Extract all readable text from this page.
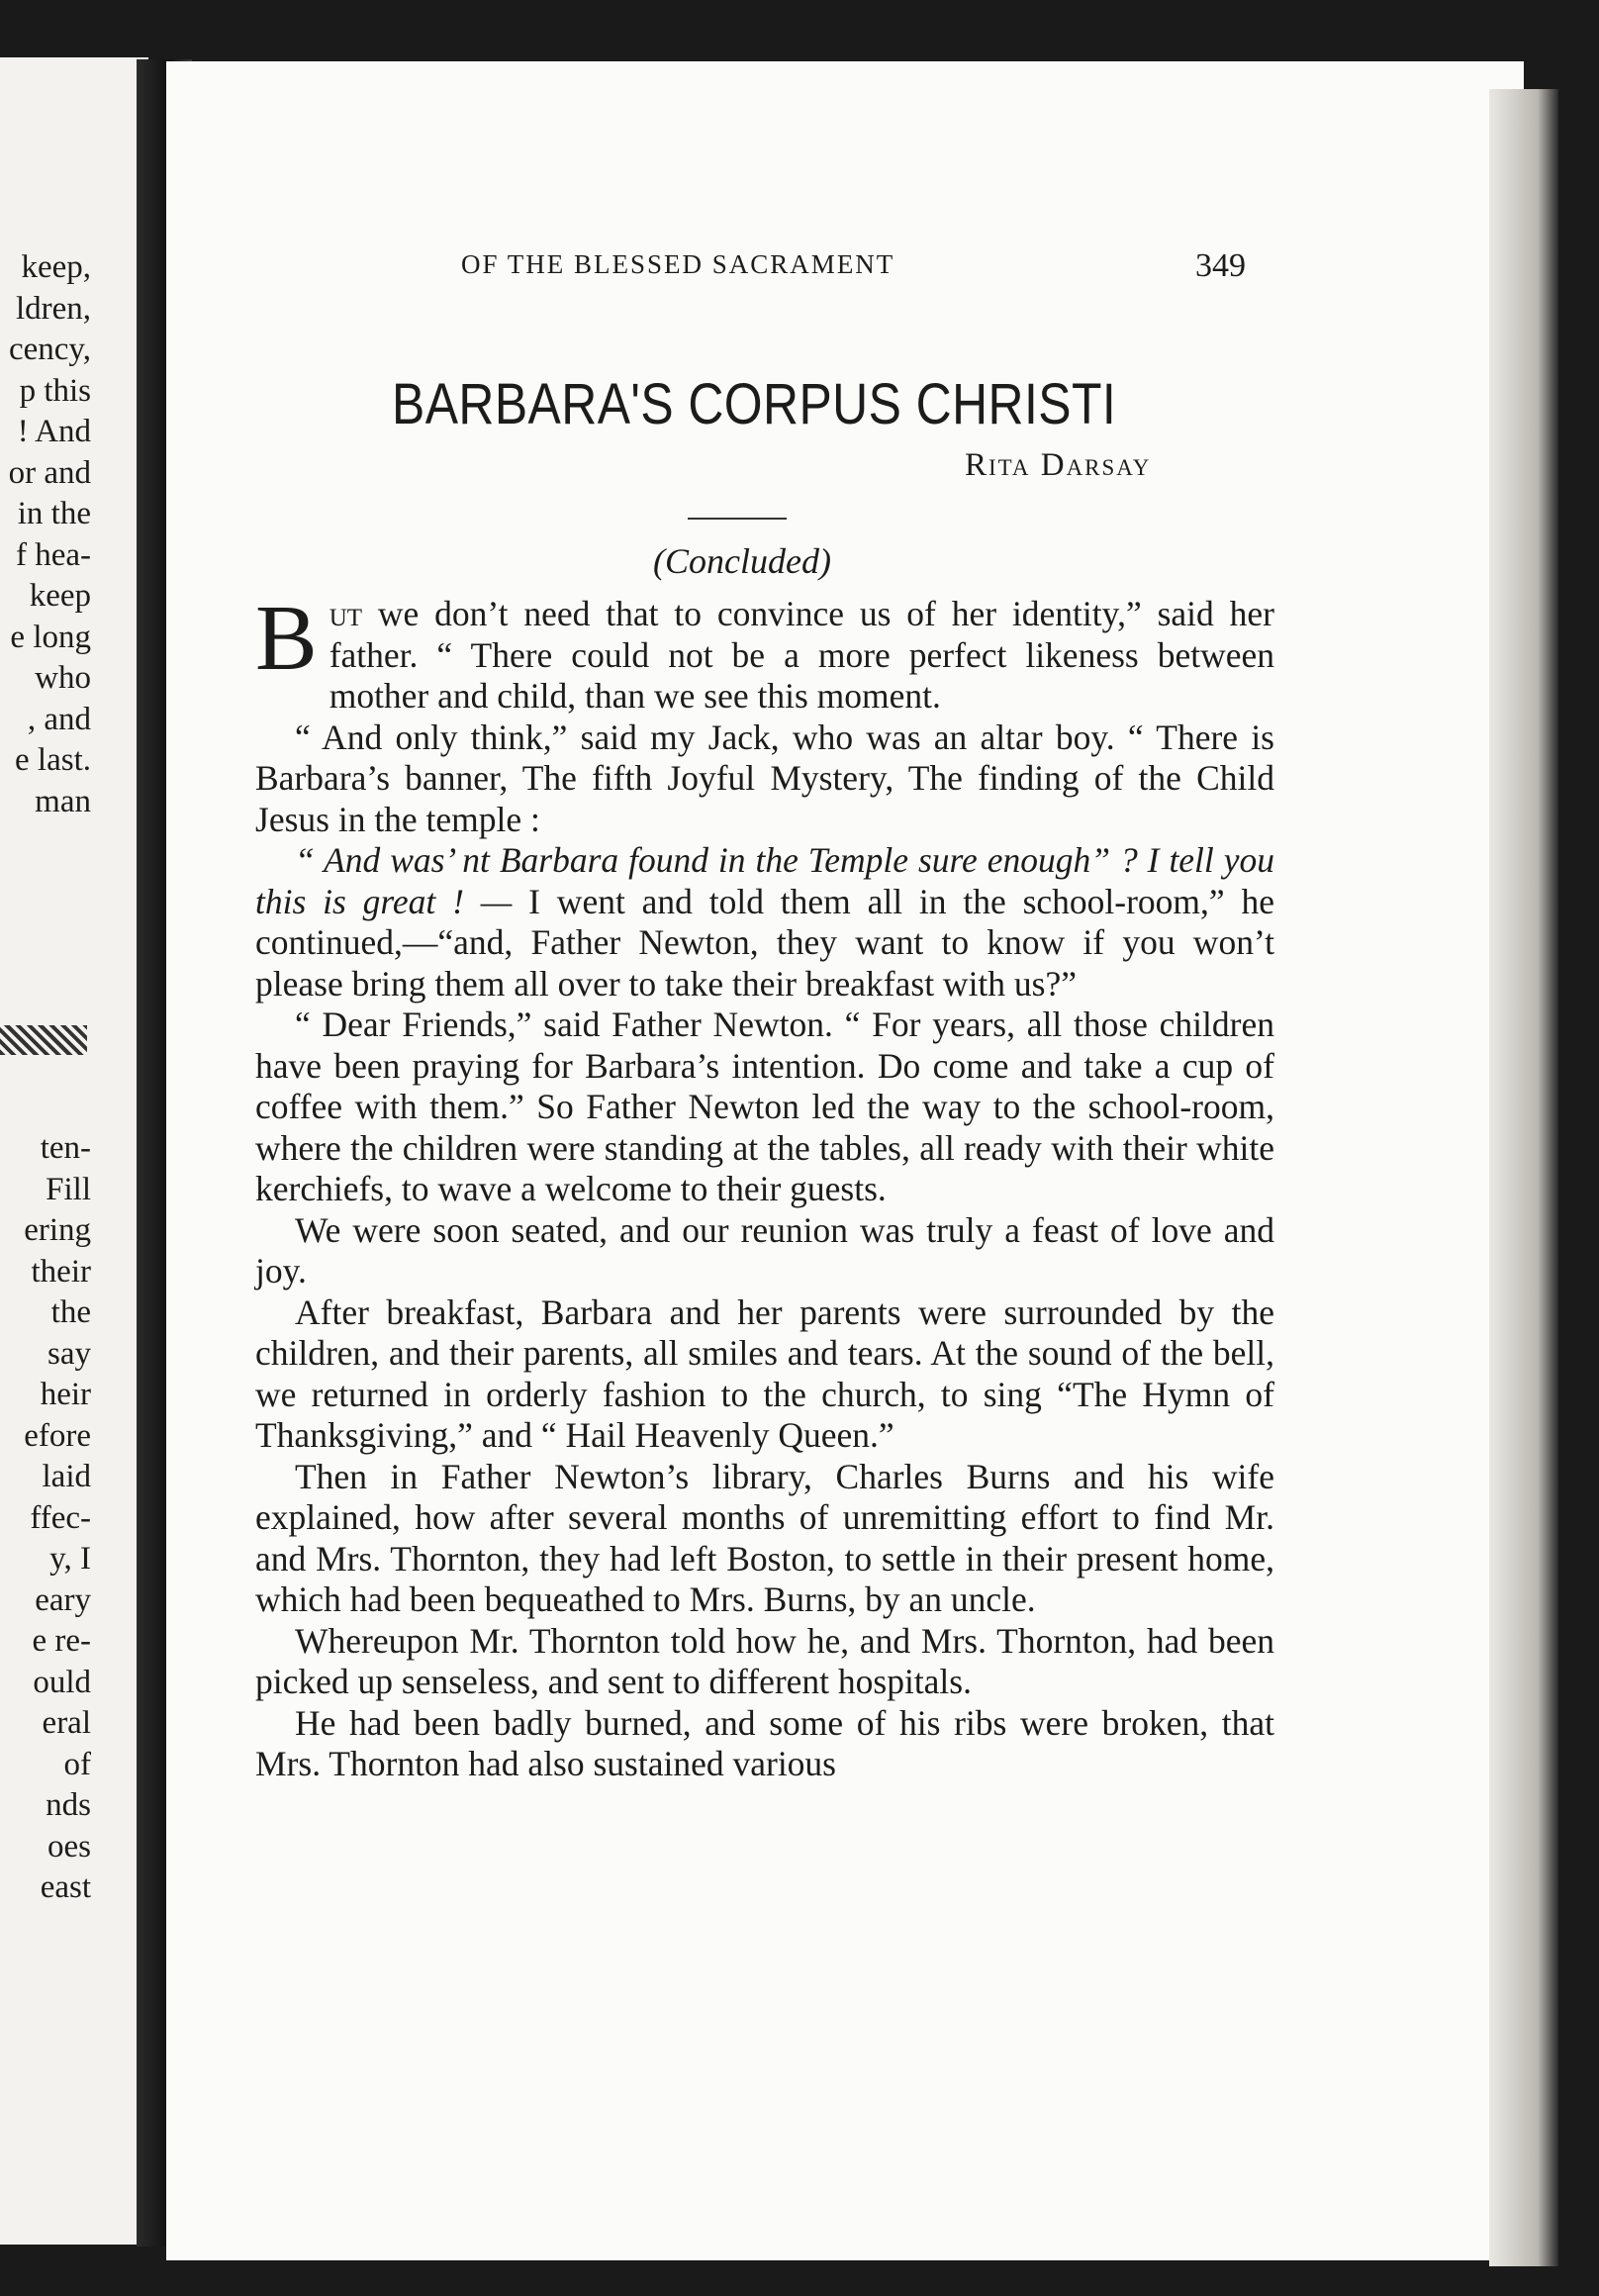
keep,
ldren,
cency,
p this
! And
or and
in the
f hea-
keep
e long
who
, and
e last.
man
ten-
Fill
ering
their
the
say
heir
efore
laid
ffec-
y, I
eary
e re-
ould
eral
of
nds
oes
east
OF THE BLESSED SACRAMENT	349
BARBARA'S CORPUS CHRISTI
Rita Darsay
(Concluded)

But we don’t need that to convince us of her identity,” said her father. “ There could not be a more perfect likeness between mother and child, than we see this moment.

“ And only think,” said my Jack, who was an altar boy. “ There is Barbara’s banner, The fifth Joyful Mystery, The finding of the Child Jesus in the temple :

“ And was’ nt Barbara found in the Temple sure enough” ? I tell you this is great ! — I went and told them all in the school-room,” he continued,—“and, Father Newton, they want to know if you won’t please bring them all over to take their breakfast with us?”

“ Dear Friends,” said Father Newton. “ For years, all those children have been praying for Barbara’s intention. Do come and take a cup of coffee with them.” So Father Newton led the way to the school-room, where the children were standing at the tables, all ready with their white kerchiefs, to wave a welcome to their guests.

We were soon seated, and our reunion was truly a feast of love and joy.

After breakfast, Barbara and her parents were surrounded by the children, and their parents, all smiles and tears. At the sound of the bell, we returned in orderly fashion to the church, to sing “The Hymn of Thanksgiving,” and “ Hail Heavenly Queen.”

Then in Father Newton’s library, Charles Burns and his wife explained, how after several months of unremitting effort to find Mr. and Mrs. Thornton, they had left Boston, to settle in their present home, which had been bequeathed to Mrs. Burns, by an uncle.

Whereupon Mr. Thornton told how he, and Mrs. Thornton, had been picked up senseless, and sent to different hospitals.

He had been badly burned, and some of his ribs were broken, that Mrs. Thornton had also sustained various
